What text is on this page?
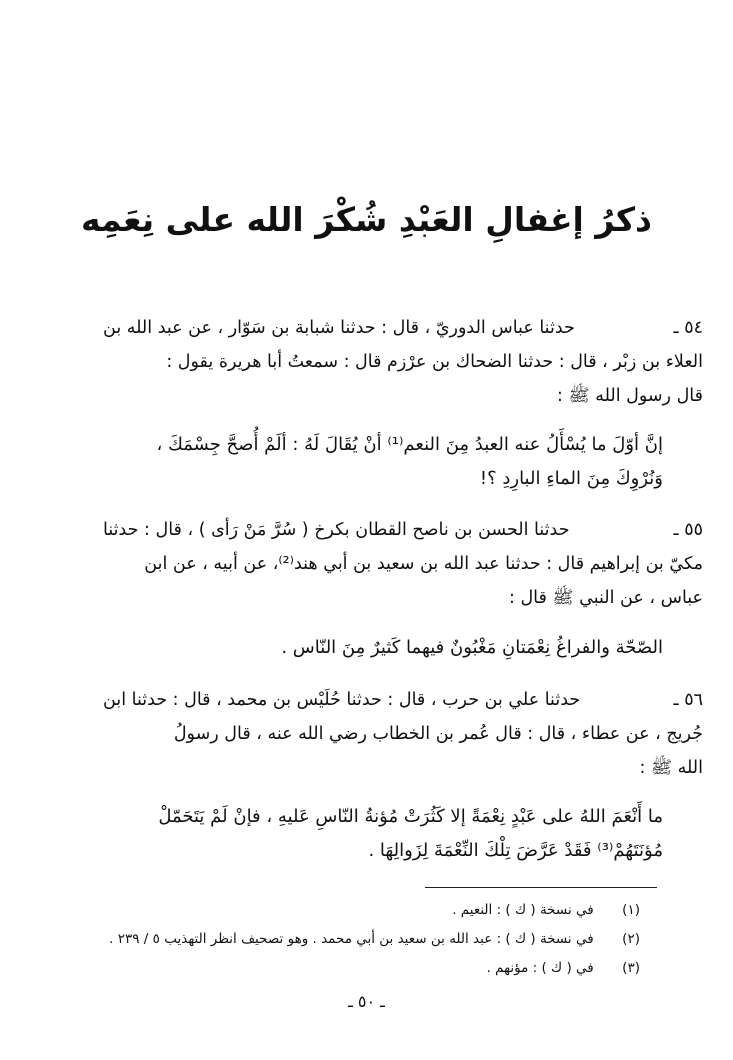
ذكرُ إغفالِ العَبْدِ شُكْرَ الله على نِعَمِه
٥٤ ـ
حدثنا عباس الدوريّ ، قال : حدثنا شبابة بن سَوّار ، عن عبد الله بن
العلاء بن زبْر ، قال : حدثنا الضحاك بن عرْزم قال : سمعتُ أبا هريرة يقول :
قال رسول الله ﷺ :
إنَّ أوّلَ ما يُسْأَلُ عنه العبدُ مِنَ النعم⁽¹⁾ أنْ يُقَالَ لَهُ : ألَمْ أُصحَّ جِسْمَكَ ،
وَنُرْوِكَ مِنَ الماءِ البارِدِ ؟!
٥٥ ـ
حدثنا الحسن بن ناصح القطان بكرخ ( سُرَّ مَنْ رَأى ) ، قال : حدثنا
مكيّ بن إبراهيم قال : حدثنا عبد الله بن سعيد بن أبي هند⁽²⁾، عن أبيه ، عن ابن
عباس ، عن النبي ﷺ قال :
الصّحّة والفراغُ نِعْمَتانِ مَغْبُونٌ فيهما كَثيرٌ مِنَ النّاس .
٥٦ ـ
حدثنا علي بن حرب ، قال : حدثنا حُلَيْس بن محمد ، قال : حدثنا ابن
جُريج ، عن عطاء ، قال : قال عُمر بن الخطاب رضي الله عنه ، قال رسولُ
الله ﷺ :
ما أَنْعَمَ اللهُ على عَبْدٍ نِعْمَةً إلا كَثُرَتْ مُؤنةُ النّاسِ عَليهِ ، فإنْ لَمْ يَتَحَمّلْ
مُؤنَتَهُمْ⁽³⁾ فَقَدْ عَرَّضَ تِلْكَ النِّعْمَةَ لِزَوالِهَا .
(١) في نسخة ( ك ) : النعيم .
(٢) في نسخة ( ك ) : عبد الله بن سعيد بن أبي محمد . وهو تصحيف انظر التهذيب ٥ / ٢٣٩ .
(٣) في ( ك ) : مؤنهم .
ـ ٥٠ ـ
